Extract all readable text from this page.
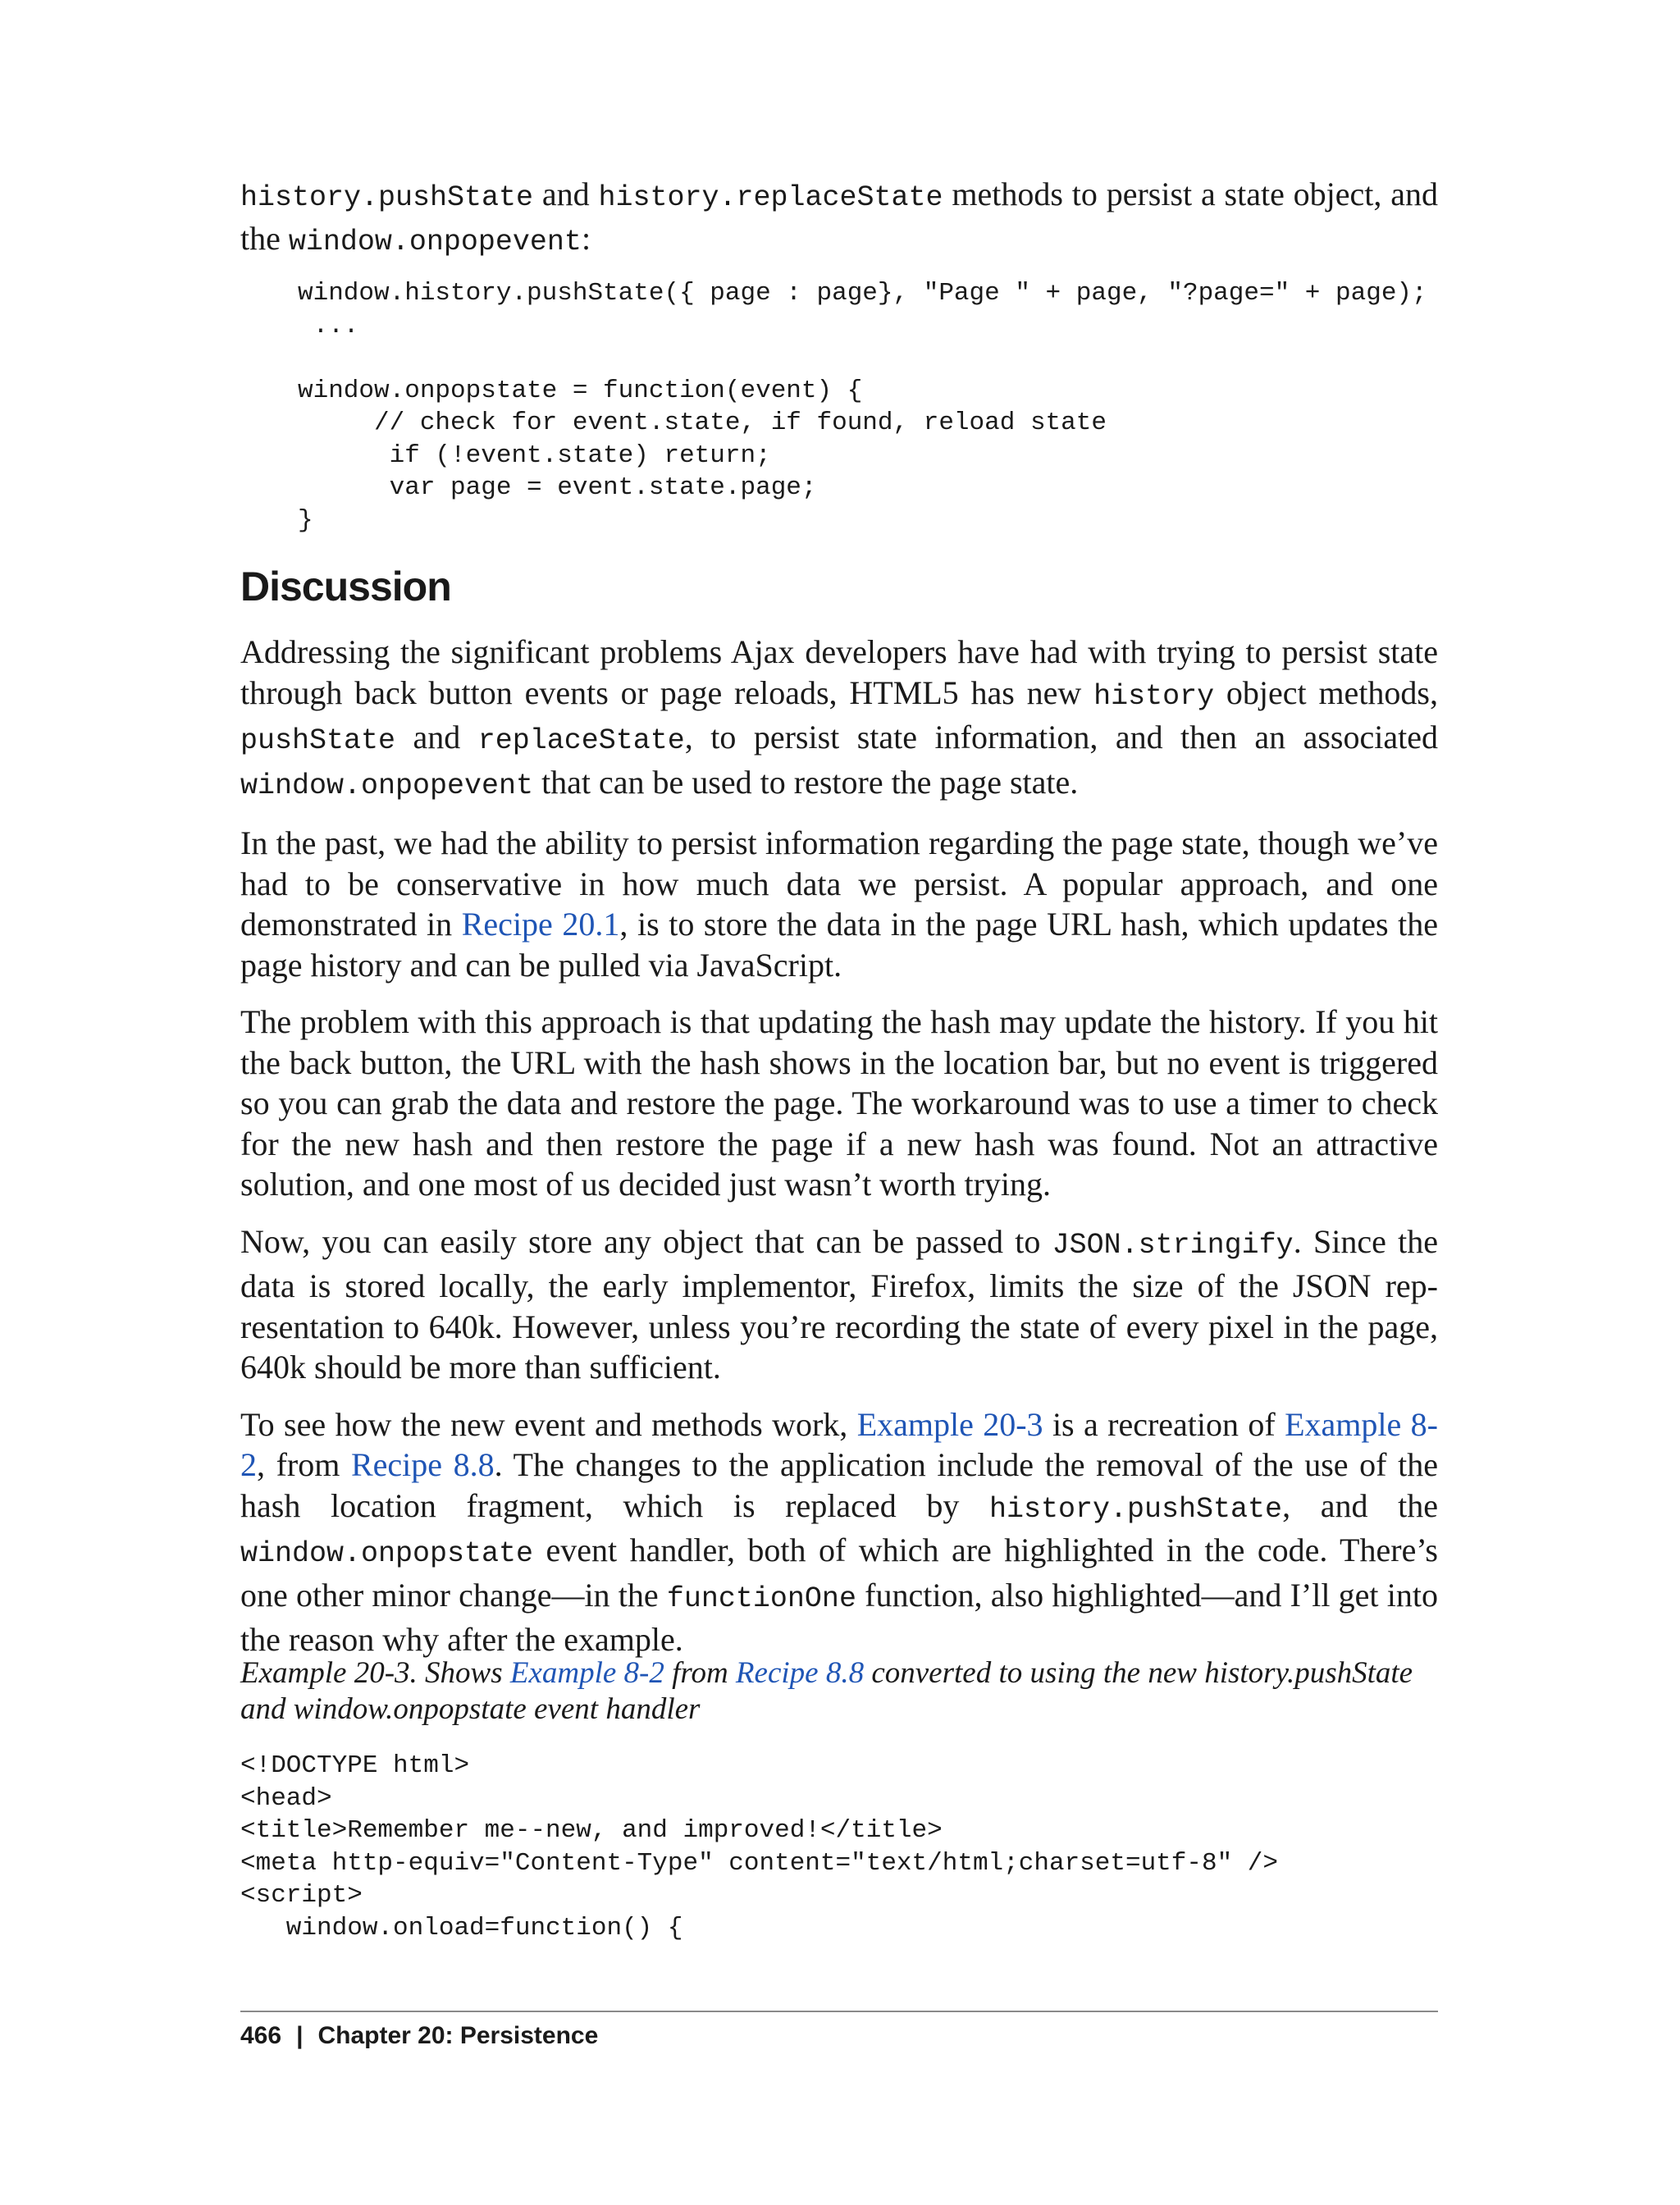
history.pushState and history.replaceState methods to persist a state object, and the window.onpopevent:

window.history.pushState({ page : page}, "Page " + page, "?page=" + page);
...

window.onpopstate = function(event) {
// check for event.state, if found, reload state
if (!event.state) return;
var page = event.state.page;
}
Discussion

Addressing the significant problems Ajax developers have had with trying to persist state through back button events or page reloads, HTML5 has new history object methods, pushState and replaceState, to persist state information, and then an associated window.onpopevent that can be used to restore the page state.

In the past, we had the ability to persist information regarding the page state, though we’ve had to be conservative in how much data we persist. A popular approach, and one demonstrated in Recipe 20.1, is to store the data in the page URL hash, which updates the page history and can be pulled via JavaScript.

The problem with this approach is that updating the hash may update the history. If you hit the back button, the URL with the hash shows in the location bar, but no event is triggered so you can grab the data and restore the page. The workaround was to use a timer to check for the new hash and then restore the page if a new hash was found. Not an attractive solution, and one most of us decided just wasn’t worth trying.

Now, you can easily store any object that can be passed to JSON.stringify. Since the data is stored locally, the early implementor, Firefox, limits the size of the JSON representation to 640k. However, unless you’re recording the state of every pixel in the page, 640k should be more than sufficient.

To see how the new event and methods work, Example 20-3 is a recreation of Example 8-2, from Recipe 8.8. The changes to the application include the removal of the use of the hash location fragment, which is replaced by history.pushState, and the window.onpopstate event handler, both of which are highlighted in the code. There’s one other minor change—in the functionOne function, also highlighted—and I’ll get into the reason why after the example.

Example 20-3. Shows Example 8-2 from Recipe 8.8 converted to using the new history.pushState and window.onpopstate event handler

<!DOCTYPE html>
<head>
<title>Remember me--new, and improved!</title>
<meta http-equiv="Content-Type" content="text/html;charset=utf-8" />
<script>
window.onload=function() {
466 | Chapter 20: Persistence
